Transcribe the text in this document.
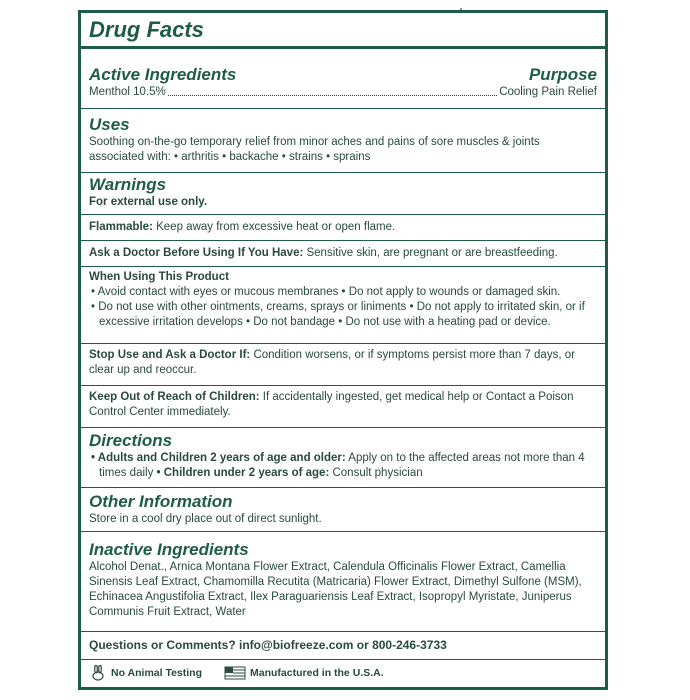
Drug Facts
Active Ingredients	Purpose
Menthol 10.5%	Cooling Pain Relief
Uses
Soothing on-the-go temporary relief from minor aches and pains of sore muscles & joints
associated with: • arthritis • backache • strains • sprains
Warnings
For external use only.
Flammable: Keep away from excessive heat or open flame.
Ask a Doctor Before Using If You Have: Sensitive skin, are pregnant or are breastfeeding.
When Using This Product
• Avoid contact with eyes or mucous membranes • Do not apply to wounds or damaged skin.
• Do not use with other ointments, creams, sprays or liniments • Do not apply to irritated skin, or if excessive irritation develops • Do not bandage • Do not use with a heating pad or device.
Stop Use and Ask a Doctor If: Condition worsens, or if symptoms persist more than 7 days, or clear up and reoccur.
Keep Out of Reach of Children: If accidentally ingested, get medical help or Contact a Poison Control Center immediately.
Directions
• Adults and Children 2 years of age and older: Apply on to the affected areas not more than 4 times daily • Children under 2 years of age: Consult physician
Other Information
Store in a cool dry place out of direct sunlight.
Inactive Ingredients
Alcohol Denat., Arnica Montana Flower Extract, Calendula Officinalis Flower Extract, Camellia Sinensis Leaf Extract, Chamomilla Recutita (Matricaria) Flower Extract, Dimethyl Sulfone (MSM), Echinacea Angustifolia Extract, Ilex Paraguariensis Leaf Extract, Isopropyl Myristate, Juniperus Communis Fruit Extract, Water
Questions or Comments? info@biofreeze.com or 800-246-3733
No Animal Testing	Manufactured in the U.S.A.
